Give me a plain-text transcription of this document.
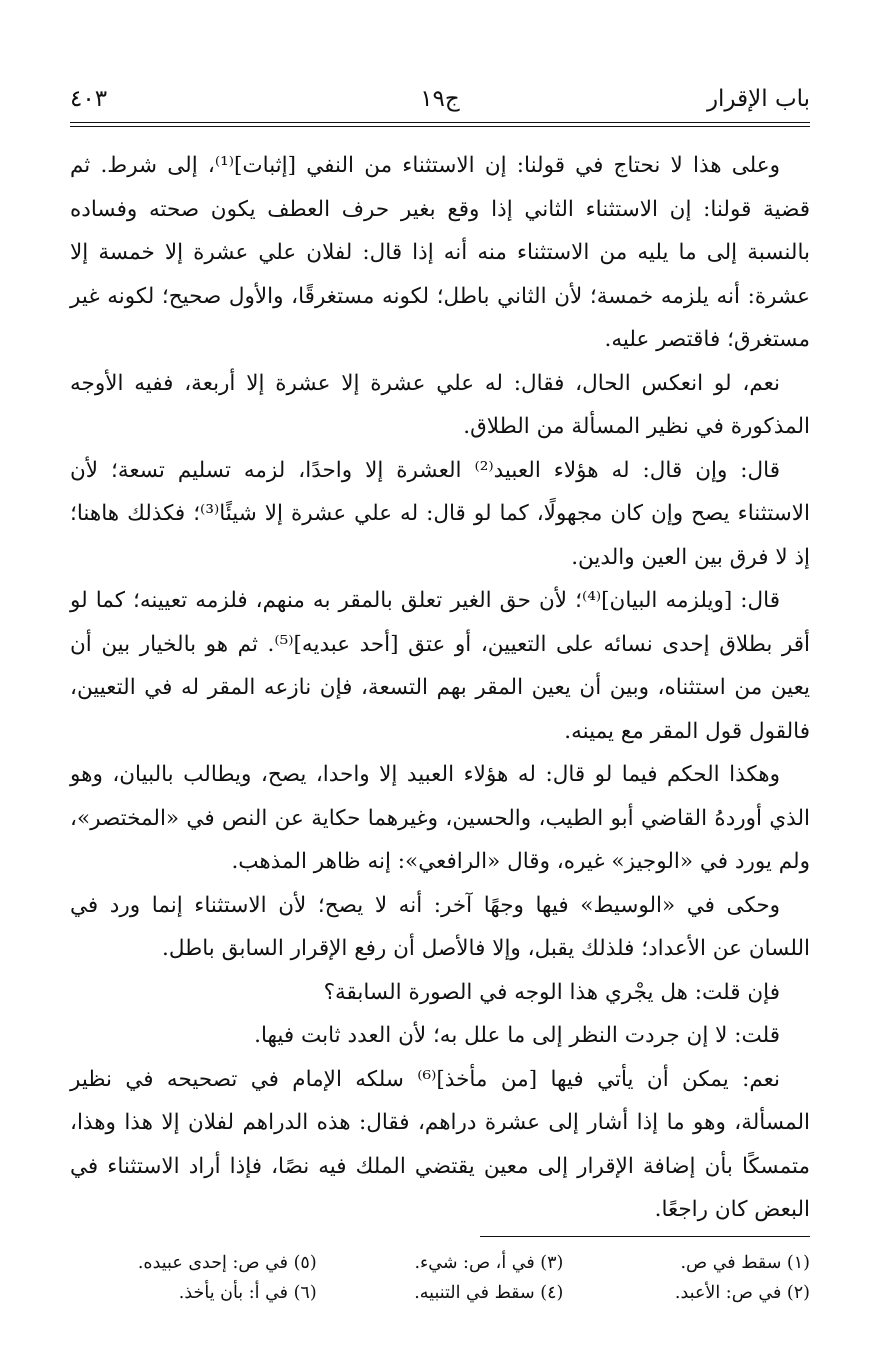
باب الإقرار
ج١٩
٤٠٣

وعلى هذا لا نحتاج في قولنا: إن الاستثناء من النفي [إثبات]⁽¹⁾، إلى شرط. ثم قضية قولنا: إن الاستثناء الثاني إذا وقع بغير حرف العطف يكون صحته وفساده بالنسبة إلى ما يليه من الاستثناء منه أنه إذا قال: لفلان علي عشرة إلا خمسة إلا عشرة: أنه يلزمه خمسة؛ لأن الثاني باطل؛ لكونه مستغرقًا، والأول صحيح؛ لكونه غير مستغرق؛ فاقتصر عليه.

نعم، لو انعكس الحال، فقال: له علي عشرة إلا عشرة إلا أربعة، ففيه الأوجه المذكورة في نظير المسألة من الطلاق.

قال: وإن قال: له هؤلاء العبيد⁽²⁾ العشرة إلا واحدًا، لزمه تسليم تسعة؛ لأن الاستثناء يصح وإن كان مجهولًا، كما لو قال: له علي عشرة إلا شيئًا⁽³⁾؛ فكذلك هاهنا؛ إذ لا فرق بين العين والدين.

قال: [ويلزمه البيان]⁽⁴⁾؛ لأن حق الغير تعلق بالمقر به منهم، فلزمه تعيينه؛ كما لو أقر بطلاق إحدى نسائه على التعيين، أو عتق [أحد عبديه]⁽⁵⁾. ثم هو بالخيار بين أن يعين من استثناه، وبين أن يعين المقر بهم التسعة، فإن نازعه المقر له في التعيين، فالقول قول المقر مع يمينه.

وهكذا الحكم فيما لو قال: له هؤلاء العبيد إلا واحدا، يصح، ويطالب بالبيان، وهو الذي أوردهُ القاضي أبو الطيب، والحسين، وغيرهما حكاية عن النص في «المختصر»، ولم يورد في «الوجيز» غيره، وقال «الرافعي»: إنه ظاهر المذهب.

وحكى في «الوسيط» فيها وجهًا آخر: أنه لا يصح؛ لأن الاستثناء إنما ورد في اللسان عن الأعداد؛ فلذلك يقبل، وإلا فالأصل أن رفع الإقرار السابق باطل.

فإن قلت: هل يجْري هذا الوجه في الصورة السابقة؟

قلت: لا إن جردت النظر إلى ما علل به؛ لأن العدد ثابت فيها.

نعم: يمكن أن يأتي فيها [من مأخذ]⁽⁶⁾ سلكه الإمام في تصحيحه في نظير المسألة، وهو ما إذا أشار إلى عشرة دراهم، فقال: هذه الدراهم لفلان إلا هذا وهذا، متمسكًا بأن إضافة الإقرار إلى معين يقتضي الملك فيه نصًا، فإذا أراد الاستثناء في البعض كان راجعًا.

(١) سقط في ص.
(٣) في أ، ص: شيء.
(٥) في ص: إحدى عبيده.
(٢) في ص: الأعبد.
(٤) سقط في التنبيه.
(٦) في أ: بأن يأخذ.
